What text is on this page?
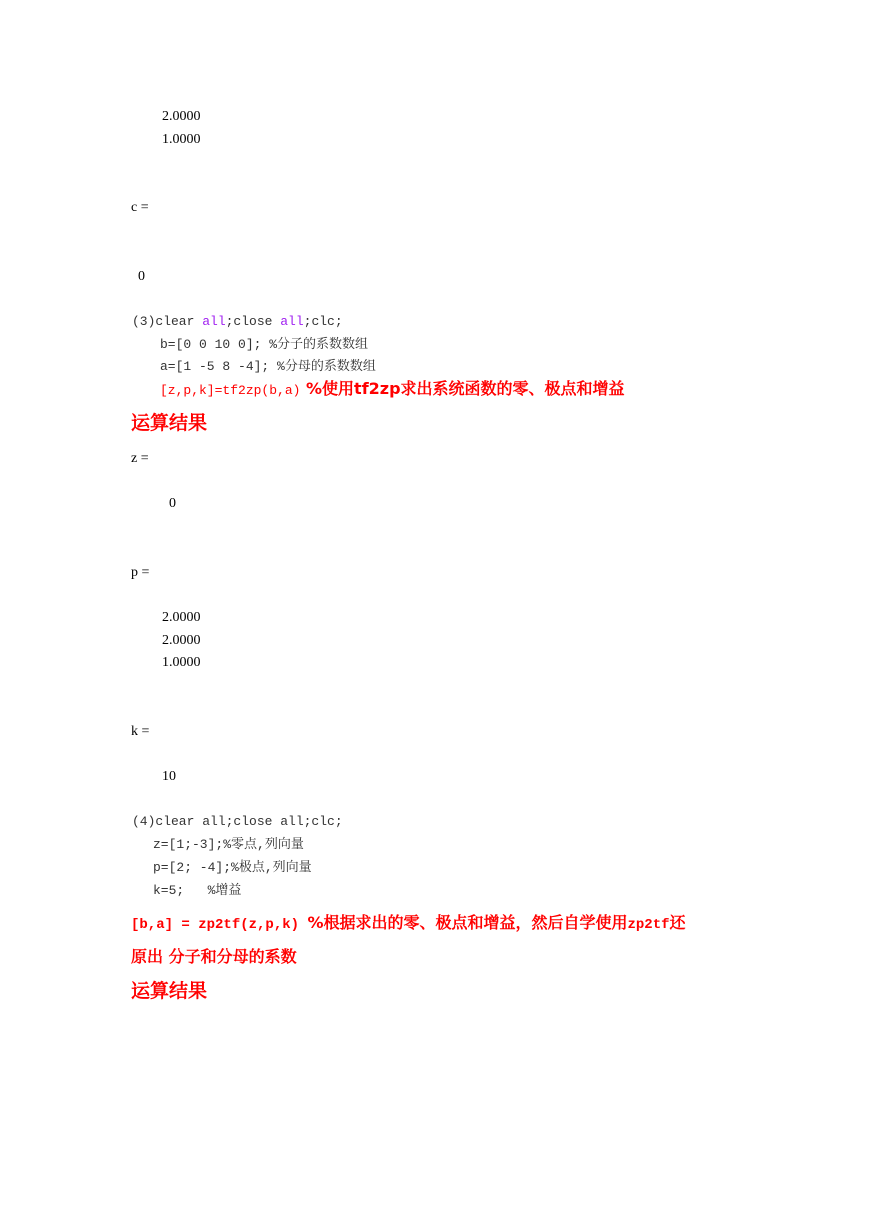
2.0000
1.0000
c =
0
(3)clear all;close all;clc;
b=[0 0 10 0]; %分子的系数数组
a=[1 -5 8 -4]; %分母的系数数组
[z,p,k]=tf2zp(b,a) %使用tf2zp求出系统函数的零、极点和增益
运算结果
z =
0
p =
2.0000
2.0000
1.0000
k =
10
(4)clear all;close all;clc;
z=[1;-3];%零点,列向量
p=[2; -4];%极点,列向量
k=5;   %增益
[b,a] = zp2tf(z,p,k) %根据求出的零、极点和增益，然后自学使用zp2tf还
原出 分子和分母的系数
运算结果
